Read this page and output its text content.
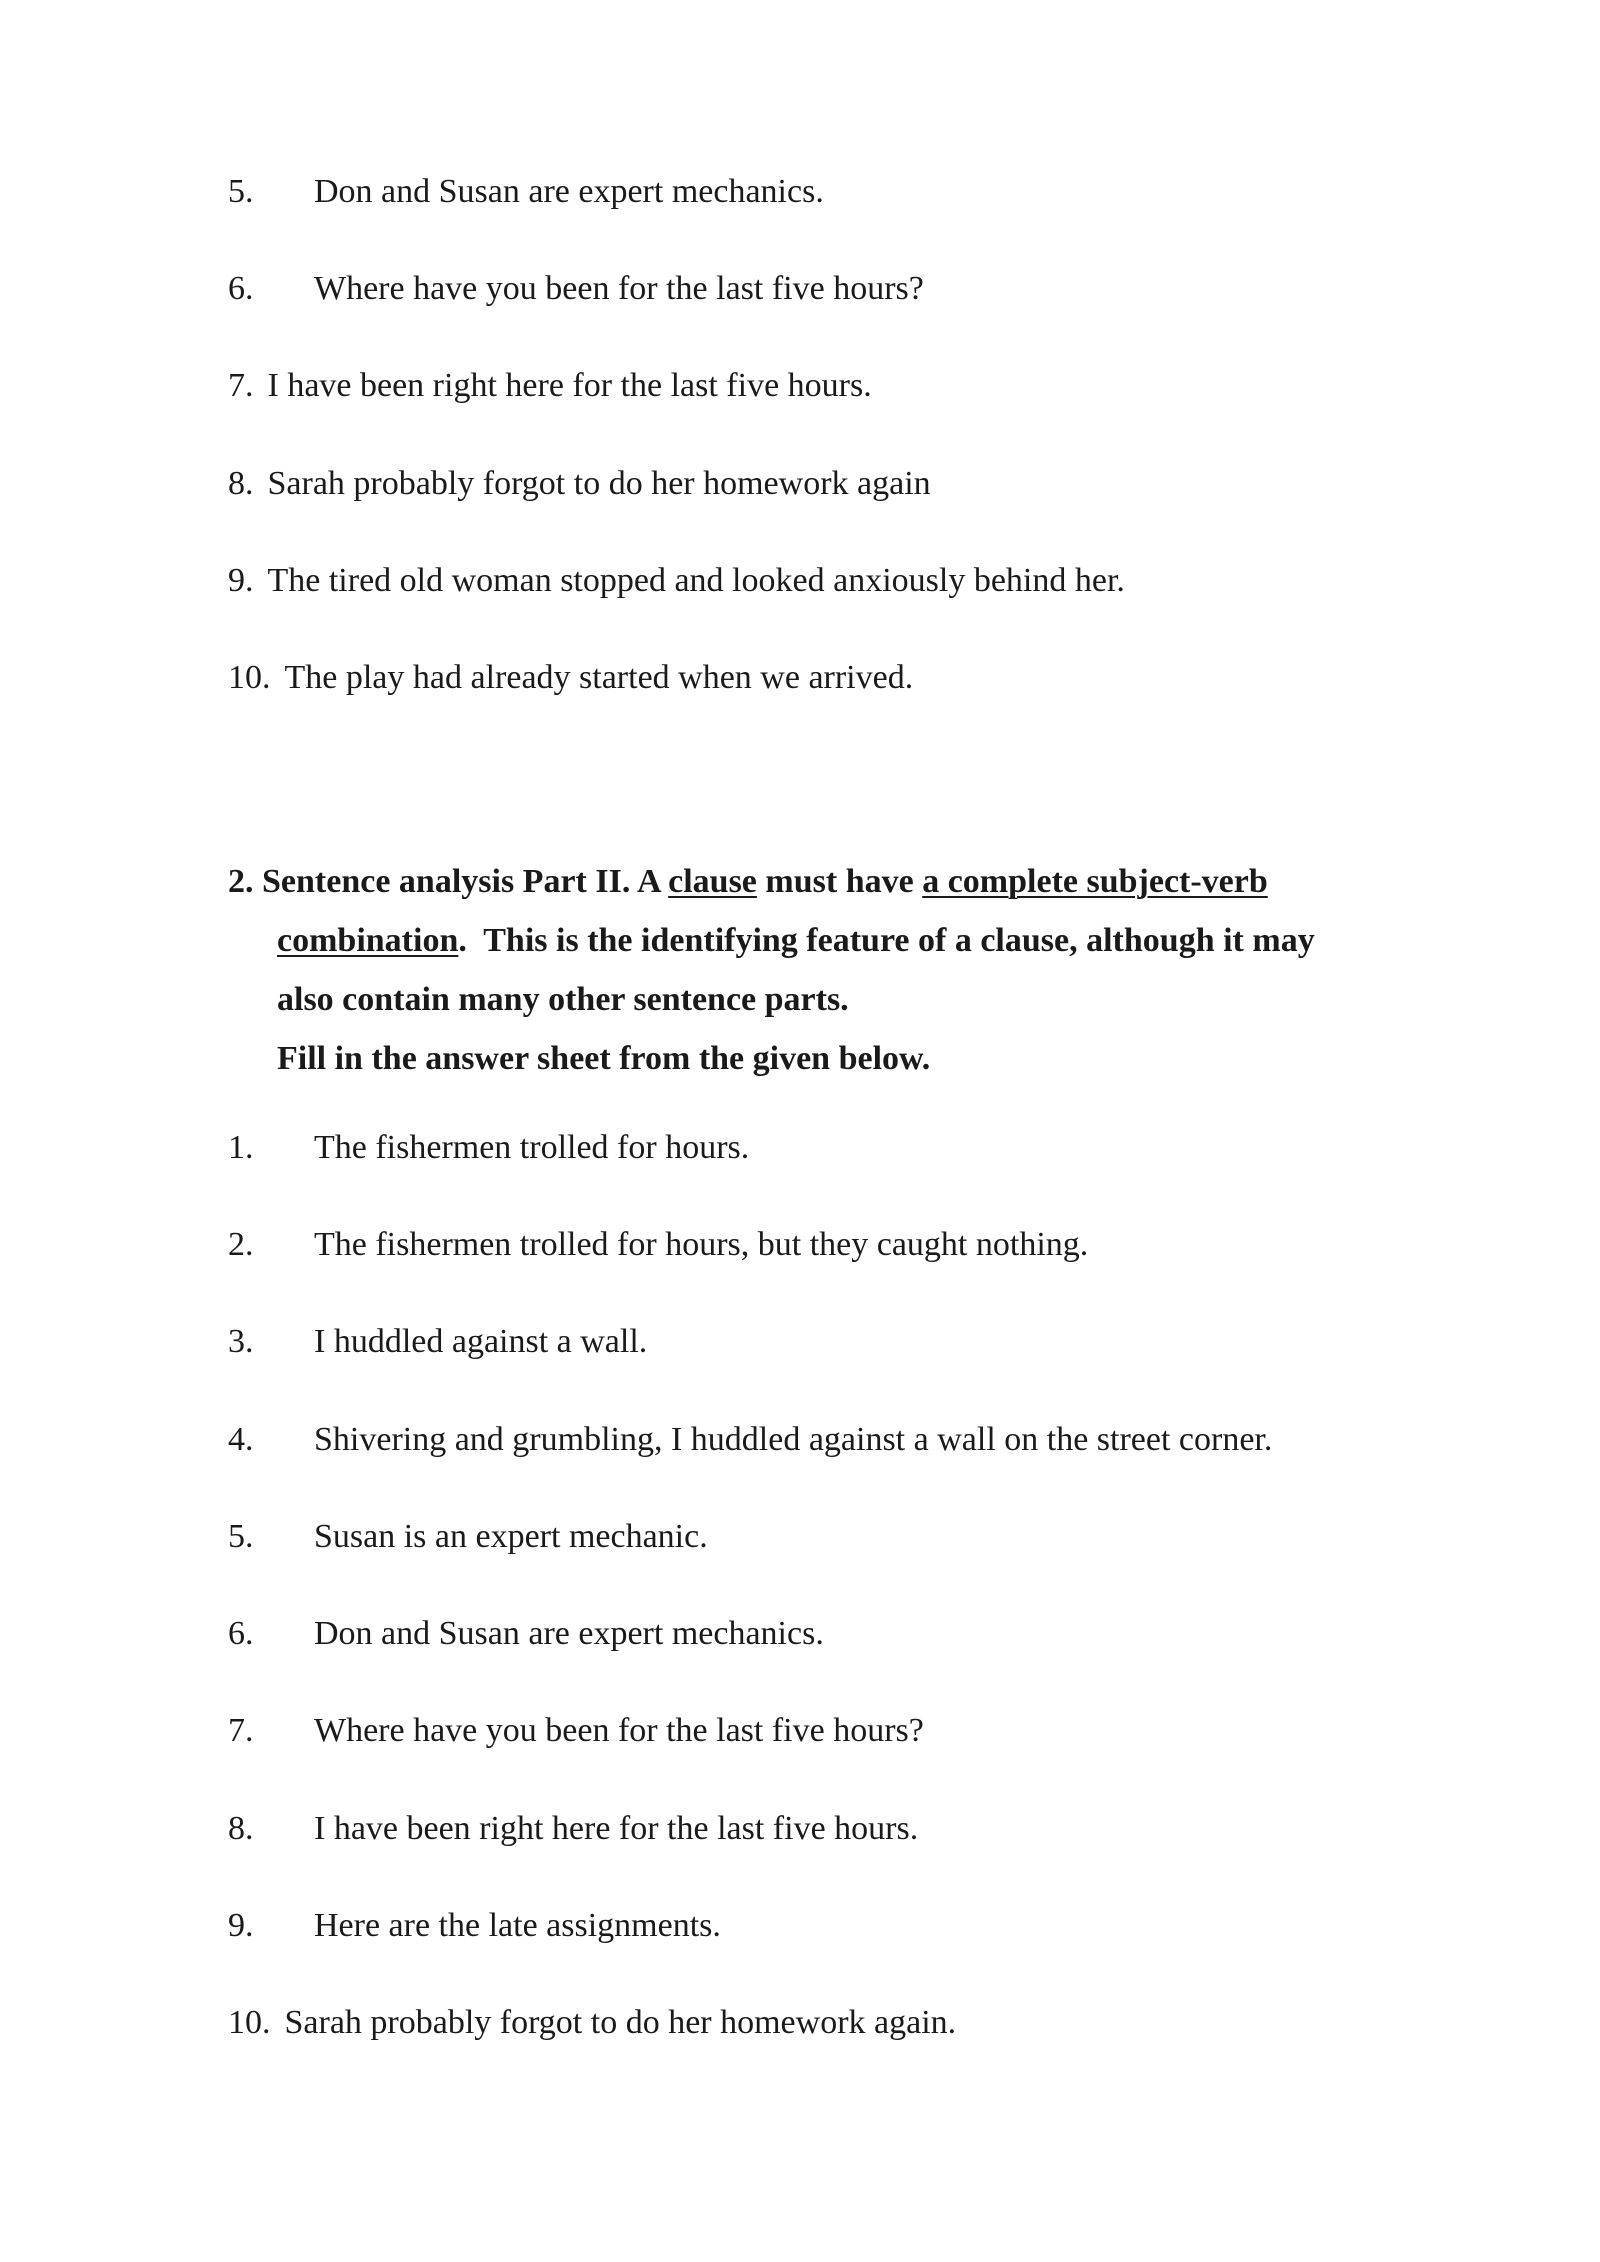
5. Don and Susan are expert mechanics.
6. Where have you been for the last five hours?
7. I have been right here for the last five hours.
8. Sarah probably forgot to do her homework again
9. The tired old woman stopped and looked anxiously behind her.
10. The play had already started when we arrived.
2. Sentence analysis Part II. A clause must have a complete subject-verb
combination.  This is the identifying feature of a clause, although it may
also contain many other sentence parts.
Fill in the answer sheet from the given below.
1. The fishermen trolled for hours.
2. The fishermen trolled for hours, but they caught nothing.
3. I huddled against a wall.
4. Shivering and grumbling, I huddled against a wall on the street corner.
5. Susan is an expert mechanic.
6. Don and Susan are expert mechanics.
7. Where have you been for the last five hours?
8. I have been right here for the last five hours.
9. Here are the late assignments.
10. Sarah probably forgot to do her homework again.
